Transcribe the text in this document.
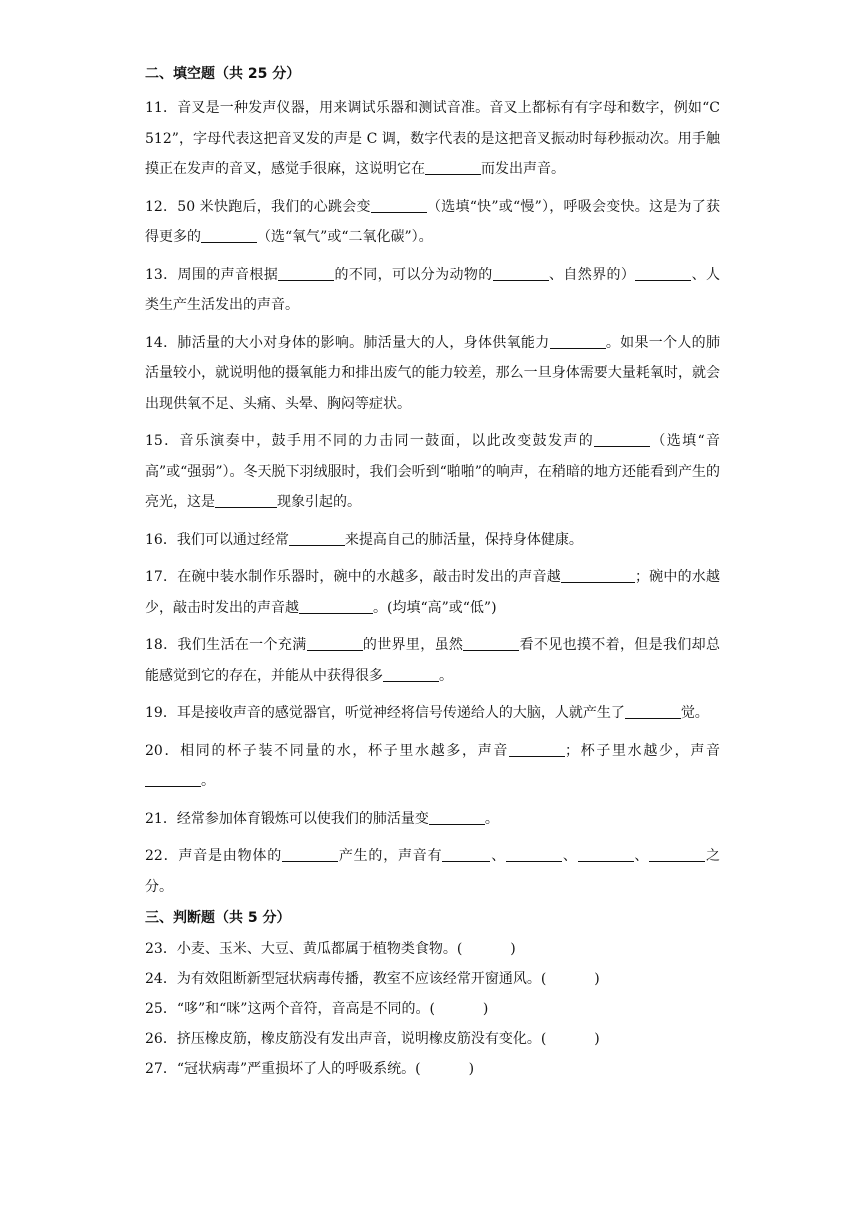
二、填空题（共 25 分）
11．音叉是一种发声仪器，用来调试乐器和测试音准。音叉上都标有有字母和数字，例如“C　512”，字母代表这把音叉发的声是 C 调，数字代表的是这把音叉振动时每秒振动次。用手触摸正在发声的音叉，感觉手很麻，这说明它在	而发出声音。
12．50 米快跑后，我们的心跳会变	（选填“快”或“慢”），呼吸会变快。这是为了获得更多的	（选“氧气”或“二氧化碳”）。
13．周围的声音根据	的不同，可以分为动物的	、自然界的）	、人类生产生活发出的声音。
14．肺活量的大小对身体的影响。肺活量大的人，身体供氧能力	。如果一个人的肺活量较小，就说明他的摄氧能力和排出废气的能力较差，那么一旦身体需要大量耗氧时，就会出现供氧不足、头痛、头晕、胸闷等症状。
15．音乐演奏中，鼓手用不同的力击同一鼓面，以此改变鼓发声的	（选填“音高”或“强弱”）。冬天脱下羽绒服时，我们会听到“啪啪”的响声，在稍暗的地方还能看到产生的亮光，这是	现象引起的。
16．我们可以通过经常	来提高自己的肺活量，保持身体健康。
17．在碗中装水制作乐器时，碗中的水越多，敲击时发出的声音越	；碗中的水越少，敲击时发出的声音越	。(均填“高”或“低”)
18．我们生活在一个充满	的世界里，虽然	看不见也摸不着，但是我们却总能感觉到它的存在，并能从中获得很多	。
19．耳是接收声音的感觉器官，听觉神经将信号传递给人的大脑，人就产生了	觉。
20．相同的杯子装不同量的水，杯子里水越多，声音	；杯子里水越少，声音。
21．经常参加体育锻炼可以使我们的肺活量变	。
22．声音是由物体的	产生的，声音有	、	、	、	之分。
三、判断题（共 5 分）
23．小麦、玉米、大豆、黄瓜都属于植物类食物。(	)
24．为有效阻断新型冠状病毒传播，教室不应该经常开窗通风。(	)
25．“哆”和“咪”这两个音符，音高是不同的。(	)
26．挤压橡皮筋，橡皮筋没有发出声音，说明橡皮筋没有变化。(	)
27．“冠状病毒”严重损坏了人的呼吸系统。(	)
